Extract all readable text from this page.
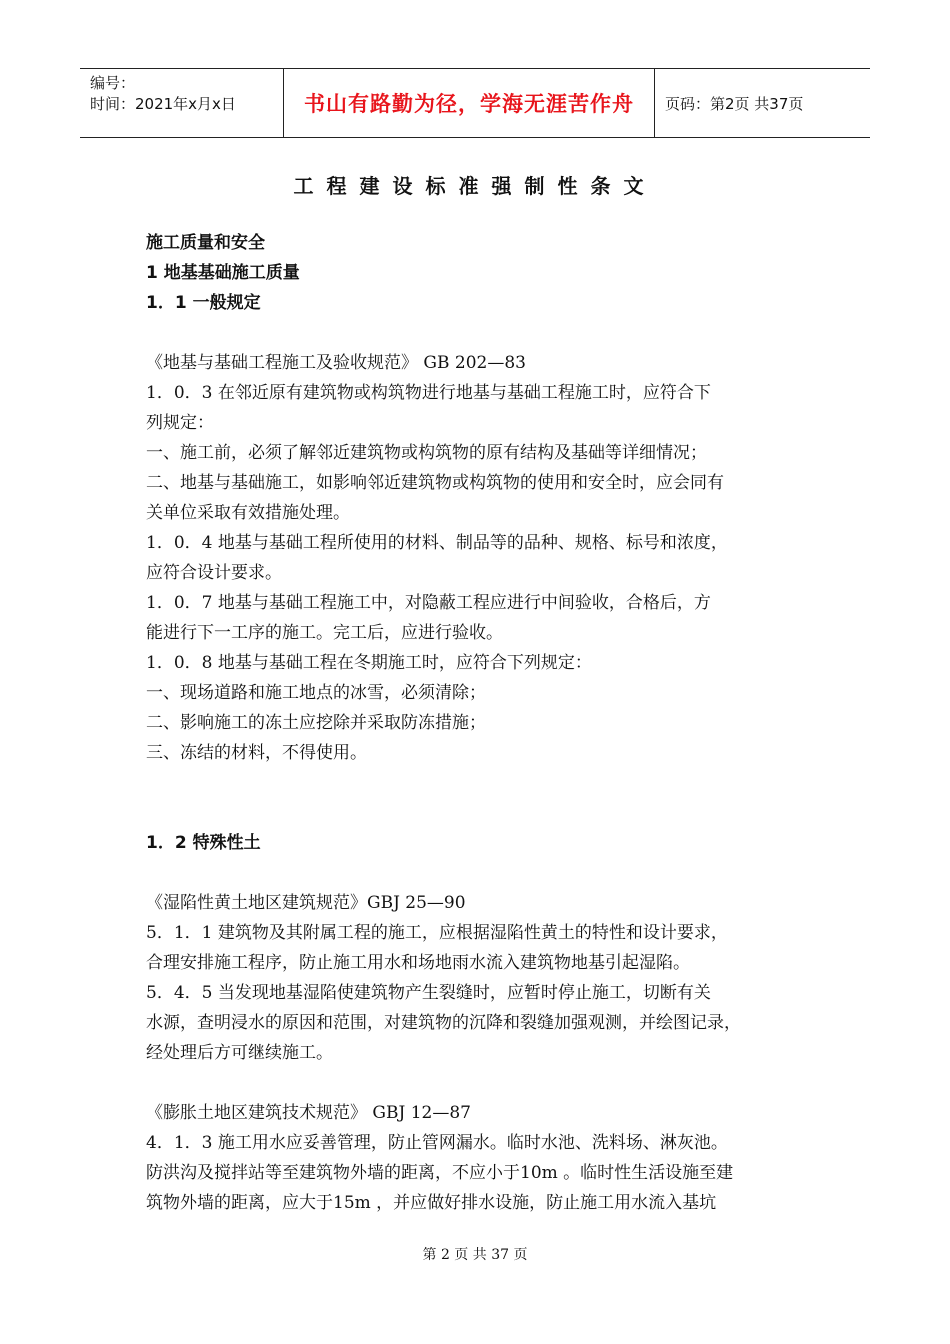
编号：
时间：2021年x月x日	书山有路勤为径，学海无涯苦作舟 页码：第2页 共37页
工程建设标准强制性条文
施工质量和安全
1 地基基础施工质量
1．1 一般规定
《地基与基础工程施工及验收规范》 GB 202—83
1．0．3 在邻近原有建筑物或构筑物进行地基与基础工程施工时，应符合下
列规定：
一、施工前，必须了解邻近建筑物或构筑物的原有结构及基础等详细情况；
二、地基与基础施工，如影响邻近建筑物或构筑物的使用和安全时，应会同有
关单位采取有效措施处理。
1．0．4 地基与基础工程所使用的材料、制品等的品种、规格、标号和浓度，
应符合设计要求。
1．0．7 地基与基础工程施工中，对隐蔽工程应进行中间验收，合格后，方
能进行下一工序的施工。完工后，应进行验收。
1．0．8 地基与基础工程在冬期施工时，应符合下列规定：
一、现场道路和施工地点的冰雪，必须清除；
二、影响施工的冻土应挖除并采取防冻措施；
三、冻结的材料，不得使用。
1．2 特殊性土
《湿陷性黄土地区建筑规范》GBJ 25—90
5．1．1 建筑物及其附属工程的施工，应根据湿陷性黄土的特性和设计要求，
合理安排施工程序，防止施工用水和场地雨水流入建筑物地基引起湿陷。
5．4．5 当发现地基湿陷使建筑物产生裂缝时，应暂时停止施工，切断有关
水源，查明浸水的原因和范围，对建筑物的沉降和裂缝加强观测，并绘图记录，
经处理后方可继续施工。
《膨胀土地区建筑技术规范》 GBJ 12—87
4．1．3 施工用水应妥善管理，防止管网漏水。临时水池、洗料场、淋灰池。
防洪沟及搅拌站等至建筑物外墙的距离，不应小于10m 。临时性生活设施至建
筑物外墙的距离，应大于15m ，并应做好排水设施，防止施工用水流入基坑
第 2 页 共 37 页
